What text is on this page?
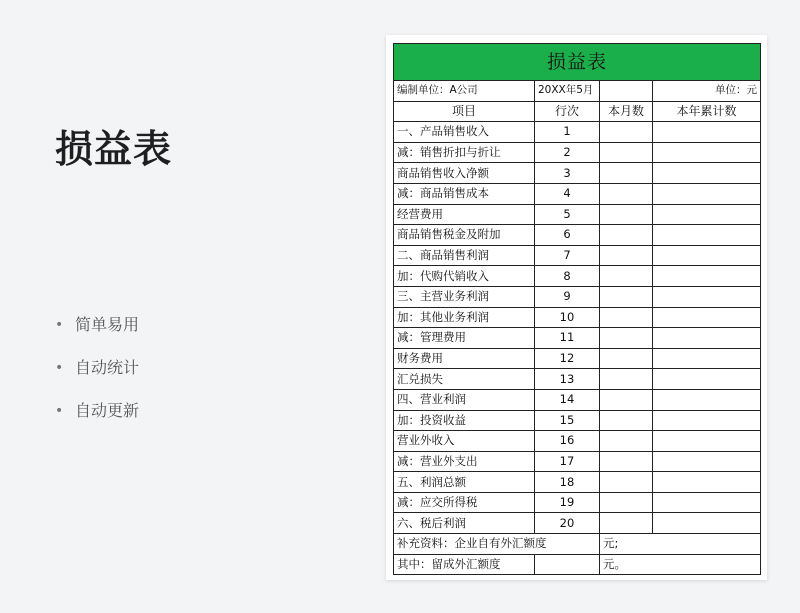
损益表
• 简单易用
• 自动统计
• 自动更新
损益表			
编制单位：A公司	20XX年5月		单位：元
项目	行次	本月数	本年累计数
一、产品销售收入	1		
减：销售折扣与折让	2		
商品销售收入净额	3		
减：商品销售成本	4		
经营费用	5		
商品销售税金及附加	6		
二、商品销售利润	7		
加：代购代销收入	8		
三、主营业务利润	9		
加：其他业务利润	10		
减：管理费用	11		
财务费用	12		
汇兑损失	13		
四、营业利润	14		
加：投资收益	15		
营业外收入	16		
减：营业外支出	17		
五、利润总额	18		
减：应交所得税	19		
六、税后利润	20		
补充资料：企业自有外汇额度		元;	
其中：留成外汇额度		元。	
